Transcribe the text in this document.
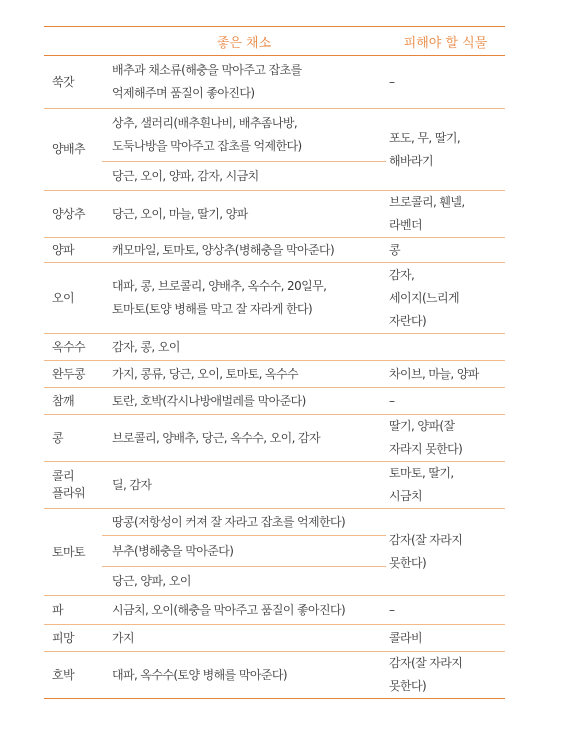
	좋은 채소	피해야 할 식물
쑥갓	배추과 채소류(해충을 막아주고 잡초를
억제해주며 품질이 좋아진다)	–

양배추	상추, 샐러리(배추흰나비, 배추좀나방,
도둑나방을 막아주고 잡초를 억제한다)	포도, 무, 딸기,
해바라기

	당근, 오이, 양파, 감자, 시금치	

양상추	당근, 오이, 마늘, 딸기, 양파	브로콜리, 휀넬,
라벤더

양파	캐모마일, 토마토, 양상추(병해충을 막아준다)	콩

오이	대파, 콩, 브로콜리, 양배추, 옥수수, 20일무,
토마토(토양 병해를 막고 잘 자라게 한다)	감자,
세이지(느리게
자란다)

옥수수	감자, 콩, 오이	

완두콩	가지, 콩류, 당근, 오이, 토마토, 옥수수	차이브, 마늘, 양파

참깨	토란, 호박(각시나방애벌레를 막아준다)	–

콩	브로콜리, 양배추, 당근, 옥수수, 오이, 감자	딸기, 양파(잘
자라지 못한다)

콜리
플라워	딜, 감자	토마토, 딸기,
시금치

토마토	땅콩(저항성이 커져 잘 자라고 잡초를 억제한다)	감자(잘 자라지
못한다)

	부추(병해충을 막아준다)	

	당근, 양파, 오이	

파	시금치, 오이(해충을 막아주고 품질이 좋아진다)	–

피망	가지	콜라비

호박	대파, 옥수수(토양 병해를 막아준다)	감자(잘 자라지
못한다)
